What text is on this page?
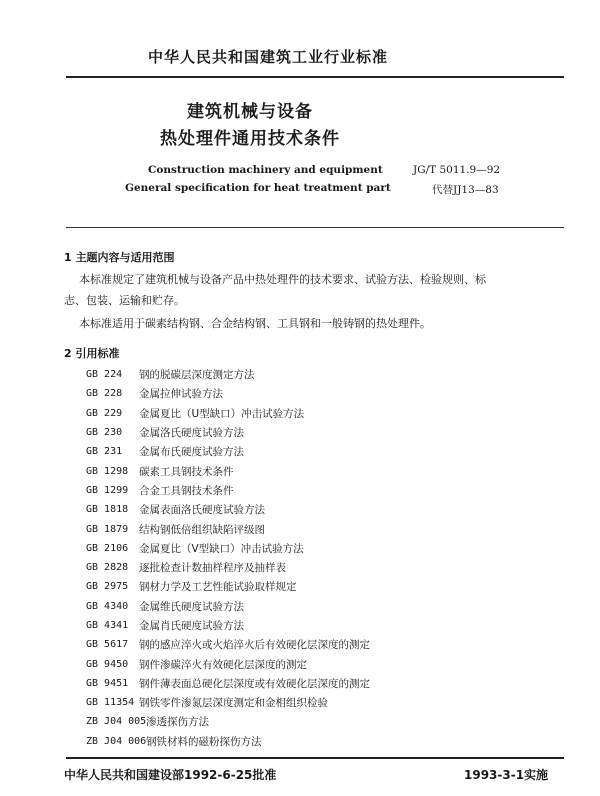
中华人民共和国建筑工业行业标准
建筑机械与设备
热处理件通用技术条件
Construction machinery and equipment
General specification for heat treatment part
JG/T 5011.9—92
代替JJ13—83
1 主题内容与适用范围
本标准规定了建筑机械与设备产品中热处理件的技术要求、试验方法、检验规则、标
志、包装、运输和贮存。
本标准适用于碳素结构钢、合金结构钢、工具钢和一般铸钢的热处理件。
2 引用标准
GB 224	钢的脱碳层深度测定方法
GB 228	金属拉伸试验方法
GB 229	金属夏比（U型缺口）冲击试验方法
GB 230	金属洛氏硬度试验方法
GB 231	金属布氏硬度试验方法
GB 1298	碳素工具钢技术条件
GB 1299	合金工具钢技术条件
GB 1818	金属表面洛氏硬度试验方法
GB 1879	结构钢低倍组织缺陷评级图
GB 2106	金属夏比（V型缺口）冲击试验方法
GB 2828	逐批检查计数抽样程序及抽样表
GB 2975	钢材力学及工艺性能试验取样规定
GB 4340	金属维氏硬度试验方法
GB 4341	金属肖氏硬度试验方法
GB 5617	钢的感应淬火或火焰淬火后有效硬化层深度的测定
GB 9450	钢件渗碳淬火有效硬化层深度的测定
GB 9451	钢件薄表面总硬化层深度或有效硬化层深度的测定
GB 11354 钢铁零件渗氮层深度测定和金相组织检验
ZB J04 005 渗透探伤方法
ZB J04 006 钢铁材料的磁粉探伤方法
中华人民共和国建设部1992-6-25批准	1993-3-1实施
